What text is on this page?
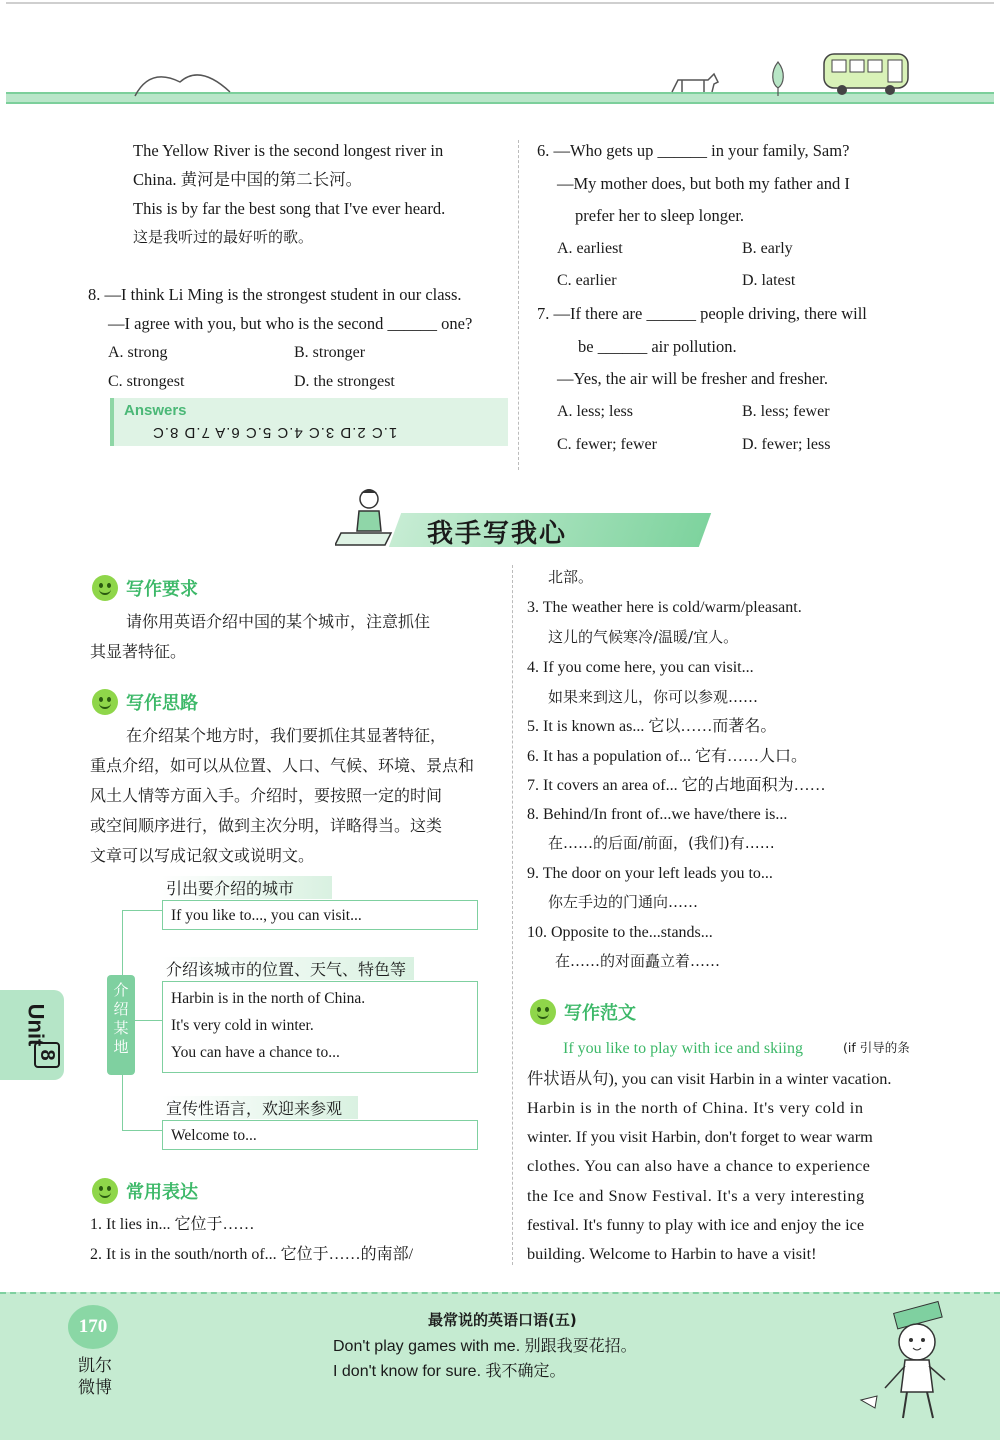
The Yellow River is the second longest river in
China. 黄河是中国的第二长河。
This is by far the best song that I've ever heard.
这是我听过的最好听的歌。
8. —I think Li Ming is the strongest student in our class.
—I agree with you, but who is the second ______ one?
A. strong	B. stronger
C. strongest	D. the strongest
Answers
1.C 2.D 3.C 4.C 5.C 6.A 7.D 8.C
6. —Who gets up ______ in your family, Sam?
—My mother does, but both my father and I
prefer her to sleep longer.
A. earliest	B. early
C. earlier	D. latest
7. —If there are ______ people driving, there will
be ______ air pollution.
—Yes, the air will be fresher and fresher.
A. less; less	B. less; fewer
C. fewer; fewer	D. fewer; less
我手写我心
写作要求
请你用英语介绍中国的某个城市，注意抓住
其显著特征。
写作思路
在介绍某个地方时，我们要抓住其显著特征，
重点介绍，如可以从位置、人口、气候、环境、景点和
风土人情等方面入手。介绍时，要按照一定的时间
或空间顺序进行，做到主次分明，详略得当。这类
文章可以写成记叙文或说明文。
引出要介绍的城市
If you like to..., you can visit...
介绍该城市的位置、天气、特色等
Harbin is in the north of China.
It's very cold in winter.
You can have a chance to...
宣传性语言，欢迎来参观
Welcome to...
介绍某地
Unit
8
常用表达
1. It lies in... 它位于……
2. It is in the south/north of... 它位于……的南部/
北部。
3. The weather here is cold/warm/pleasant.
这儿的气候寒冷/温暖/宜人。
4. If you come here, you can visit...
如果来到这儿，你可以参观……
5. It is known as... 它以……而著名。
6. It has a population of... 它有……人口。
7. It covers an area of... 它的占地面积为……
8. Behind/In front of...we have/there is...
在……的后面/前面，(我们)有……
9. The door on your left leads you to...
你左手边的门通向……
10. Opposite to the...stands...
在……的对面矗立着……
写作范文
If you like to play with ice and skiing	(if 引导的条
件状语从句), you can visit Harbin in a winter vacation.
Harbin is in the north of China. It's very cold in
winter. If you visit Harbin, don't forget to wear warm
clothes. You can also have a chance to experience
the Ice and Snow Festival. It's a very interesting
festival. It's funny to play with ice and enjoy the ice
building. Welcome to Harbin to have a visit!
170
凯尔微博
最常说的英语口语(五)
Don't play games with me. 别跟我耍花招。
I don't know for sure. 我不确定。
